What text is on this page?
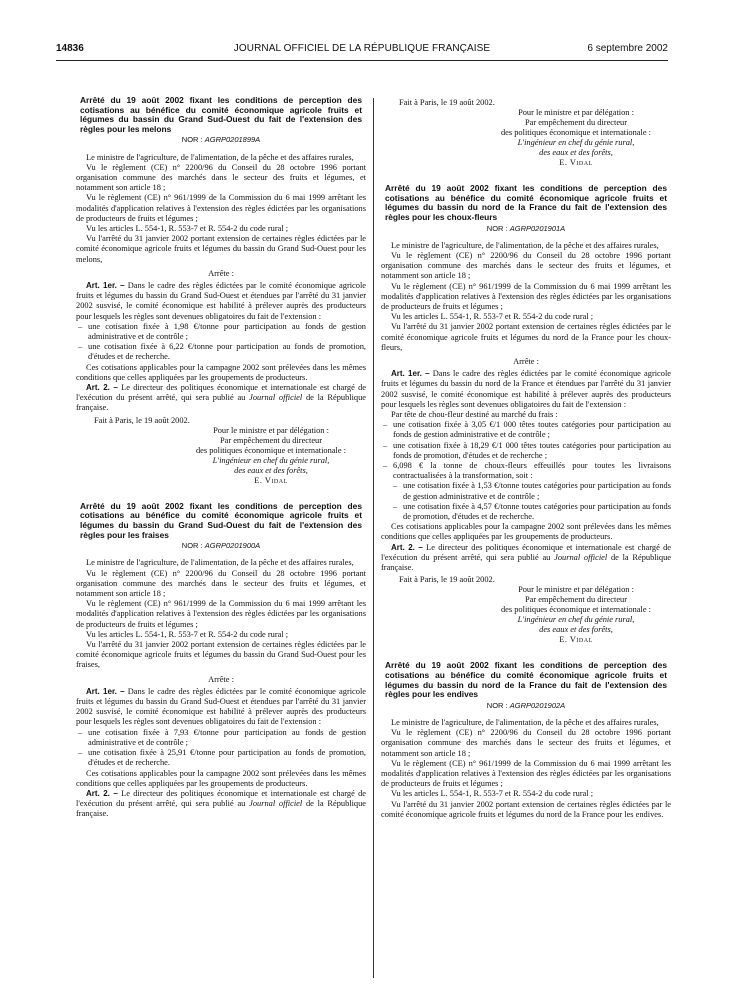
14836	JOURNAL OFFICIEL DE LA RÉPUBLIQUE FRANÇAISE	6 septembre 2002
Arrêté du 19 août 2002 fixant les conditions de perception des cotisations au bénéfice du comité économique agricole fruits et légumes du bassin du Grand Sud-Ouest du fait de l'extension des règles pour les melons
NOR : AGRP0201899A

Le ministre de l'agriculture, de l'alimentation, de la pêche et des affaires rurales,

Vu le règlement (CE) n° 2200/96 du Conseil du 28 octobre 1996 portant organisation commune des marchés dans le secteur des fruits et légumes, et notamment son article 18 ;

Vu le règlement (CE) n° 961/1999 de la Commission du 6 mai 1999 arrêtant les modalités d'application relatives à l'extension des règles édictées par les organisations de producteurs de fruits et légumes ;

Vu les articles L. 554-1, R. 553-7 et R. 554-2 du code rural ;

Vu l'arrêté du 31 janvier 2002 portant extension de certaines règles édictées par le comité économique agricole fruits et légumes du bassin du Grand Sud-Ouest pour les melons,

Arrête :

Art. 1er. – Dans le cadre des règles édictées par le comité économique agricole fruits et légumes du bassin du Grand Sud-Ouest et étendues par l'arrêté du 31 janvier 2002 susvisé, le comité économique est habilité à prélever auprès des producteurs pour lesquels les règles sont devenues obligatoires du fait de l'extension :

– une cotisation fixée à 1,98 €/tonne pour participation au fonds de gestion administrative et de contrôle ;
– une cotisation fixée à 6,22 €/tonne pour participation au fonds de promotion, d'études et de recherche.

Ces cotisations applicables pour la campagne 2002 sont prélevées dans les mêmes conditions que celles appliquées par les groupements de producteurs.

Art. 2. – Le directeur des politiques économique et internationale est chargé de l'exécution du présent arrêté, qui sera publié au Journal officiel de la République française.

Fait à Paris, le 19 août 2002.

Pour le ministre et par délégation :
Par empêchement du directeur
des politiques économique et internationale :
L'ingénieur en chef du génie rural,
des eaux et des forêts,
E. Vidal
Arrêté du 19 août 2002 fixant les conditions de perception des cotisations au bénéfice du comité économique agricole fruits et légumes du bassin du Grand Sud-Ouest du fait de l'extension des règles pour les fraises
NOR : AGRP0201900A

Le ministre de l'agriculture, de l'alimentation, de la pêche et des affaires rurales,

Vu le règlement (CE) n° 2200/96 du Conseil du 28 octobre 1996 portant organisation commune des marchés dans le secteur des fruits et légumes, et notamment son article 18 ;

Vu le règlement (CE) n° 961/1999 de la Commission du 6 mai 1999 arrêtant les modalités d'application relatives à l'extension des règles édictées par les organisations de producteurs de fruits et légumes ;

Vu les articles L. 554-1, R. 553-7 et R. 554-2 du code rural ;

Vu l'arrêté du 31 janvier 2002 portant extension de certaines règles édictées par le comité économique agricole fruits et légumes du bassin du Grand Sud-Ouest pour les fraises,

Arrête :

Art. 1er. – Dans le cadre des règles édictées par le comité économique agricole fruits et légumes du bassin du Grand Sud-Ouest et étendues par l'arrêté du 31 janvier 2002 susvisé, le comité économique est habilité à prélever auprès des producteurs pour lesquels les règles sont devenues obligatoires du fait de l'extension :

– une cotisation fixée à 7,93 €/tonne pour participation au fonds de gestion administrative et de contrôle ;
– une cotisation fixée à 25,91 €/tonne pour participation au fonds de promotion, d'études et de recherche.

Ces cotisations applicables pour la campagne 2002 sont prélevées dans les mêmes conditions que celles appliquées par les groupements de producteurs.

Art. 2. – Le directeur des politiques économique et internationale est chargé de l'exécution du présent arrêté, qui sera publié au Journal officiel de la République française.

Fait à Paris, le 19 août 2002.

Pour le ministre et par délégation :
Par empêchement du directeur
des politiques économique et internationale :
L'ingénieur en chef du génie rural,
des eaux et des forêts,
E. Vidal
Arrêté du 19 août 2002 fixant les conditions de perception des cotisations au bénéfice du comité économique agricole fruits et légumes du bassin du nord de la France du fait de l'extension des règles pour les choux-fleurs
NOR : AGRP0201901A

Le ministre de l'agriculture, de l'alimentation, de la pêche et des affaires rurales,

Vu le règlement (CE) n° 2200/96 du Conseil du 28 octobre 1996 portant organisation commune des marchés dans le secteur des fruits et légumes, et notamment son article 18 ;

Vu le règlement (CE) n° 961/1999 de la Commission du 6 mai 1999 arrêtant les modalités d'application relatives à l'extension des règles édictées par les organisations de producteurs de fruits et légumes ;

Vu les articles L. 554-1, R. 553-7 et R. 554-2 du code rural ;

Vu l'arrêté du 31 janvier 2002 portant extension de certaines règles édictées par le comité économique agricole fruits et légumes du nord de la France pour les choux-fleurs,

Arrête :

Art. 1er. – Dans le cadre des règles édictées par le comité économique agricole fruits et légumes du bassin du nord de la France et étendues par l'arrêté du 31 janvier 2002 susvisé, le comité économique est habilité à prélever auprès des producteurs pour lesquels les règles sont devenues obligatoires du fait de l'extension :

Par tête de chou-fleur destiné au marché du frais :

– une cotisation fixée à 3,05 €/1 000 têtes toutes catégories pour participation au fonds de gestion administrative et de contrôle ;
– une cotisation fixée à 18,29 €/1 000 têtes toutes catégories pour participation au fonds de promotion, d'études et de recherche ;
– 6,098 € la tonne de choux-fleurs effeuillés pour toutes les livraisons contractualisées à la transformation, soit :
– une cotisation fixée à 1,53 €/tonne toutes catégories pour participation au fonds de gestion administrative et de contrôle ;
– une cotisation fixée à 4,57 €/tonne toutes catégories pour participation au fonds de promotion, d'études et de recherche.

Ces cotisations applicables pour la campagne 2002 sont prélevées dans les mêmes conditions que celles appliquées par les groupements de producteurs.

Art. 2. – Le directeur des politiques économique et internationale est chargé de l'exécution du présent arrêté, qui sera publié au Journal officiel de la République française.

Fait à Paris, le 19 août 2002.

Pour le ministre et par délégation :
Par empêchement du directeur
des politiques économique et internationale :
L'ingénieur en chef du génie rural,
des eaux et des forêts,
E. Vidal
Arrêté du 19 août 2002 fixant les conditions de perception des cotisations au bénéfice du comité économique agricole fruits et légumes du bassin du nord de la France du fait de l'extension des règles pour les endives
NOR : AGRP0201902A

Le ministre de l'agriculture, de l'alimentation, de la pêche et des affaires rurales,

Vu le règlement (CE) n° 2200/96 du Conseil du 28 octobre 1996 portant organisation commune des marchés dans le secteur des fruits et légumes, et notamment son article 18 ;

Vu le règlement (CE) n° 961/1999 de la Commission du 6 mai 1999 arrêtant les modalités d'application relatives à l'extension des règles édictées par les organisations de producteurs de fruits et légumes ;

Vu les articles L. 554-1, R. 553-7 et R. 554-2 du code rural ;

Vu l'arrêté du 31 janvier 2002 portant extension de certaines règles édictées par le comité économique agricole fruits et légumes du nord de la France pour les endives.
